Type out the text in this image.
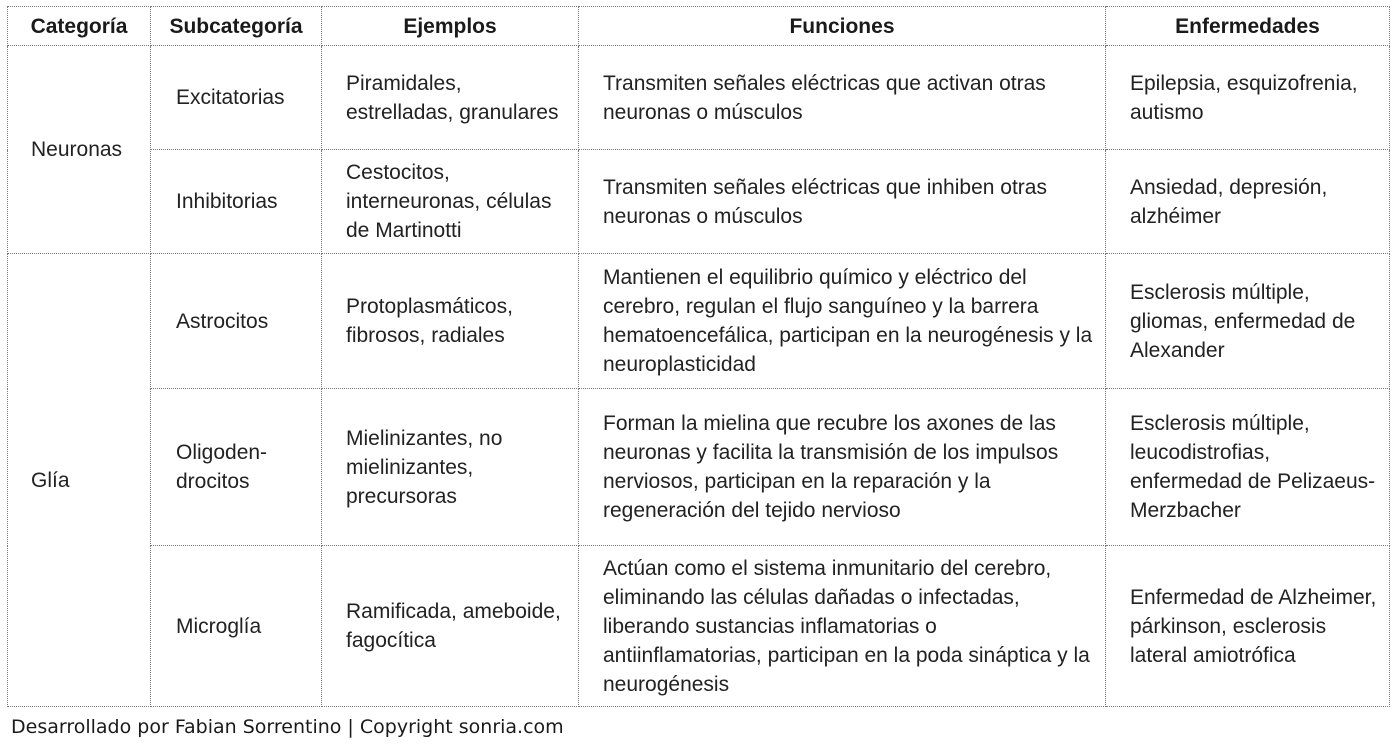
Categoría	Subcategoría	Ejemplos	Funciones	Enfermedades
Neuronas	Excitatorias	Piramidales, estrelladas, granulares	Transmiten señales eléctricas que activan otras neuronas o músculos	Epilepsia, esquizofrenia, autismo
	Inhibitorias	Cestocitos, interneuronas, células de Martinotti	Transmiten señales eléctricas que inhiben otras neuronas o músculos	Ansiedad, depresión, alzhéimer
Glía	Astrocitos	Protoplasmáticos, fibrosos, radiales	Mantienen el equilibrio químico y eléctrico del cerebro, regulan el flujo sanguíneo y la barrera hematoencefálica, participan en la neurogénesis y la neuroplasticidad	Esclerosis múltiple, gliomas, enfermedad de Alexander
	Oligoden-drocitos	Mielinizantes, no mielinizantes, precursoras	Forman la mielina que recubre los axones de las neuronas y facilita la transmisión de los impulsos nerviosos, participan en la reparación y la regeneración del tejido nervioso	Esclerosis múltiple, leucodistrofias, enfermedad de Pelizaeus-Merzbacher
	Microglía	Ramificada, ameboide, fagocítica	Actúan como el sistema inmunitario del cerebro, eliminando las células dañadas o infectadas, liberando sustancias inflamatorias o antiinflamatorias, participan en la poda sináptica y la neurogénesis	Enfermedad de Alzheimer, párkinson, esclerosis lateral amiotrófica
Desarrollado por Fabian Sorrentino | Copyright sonria.com
